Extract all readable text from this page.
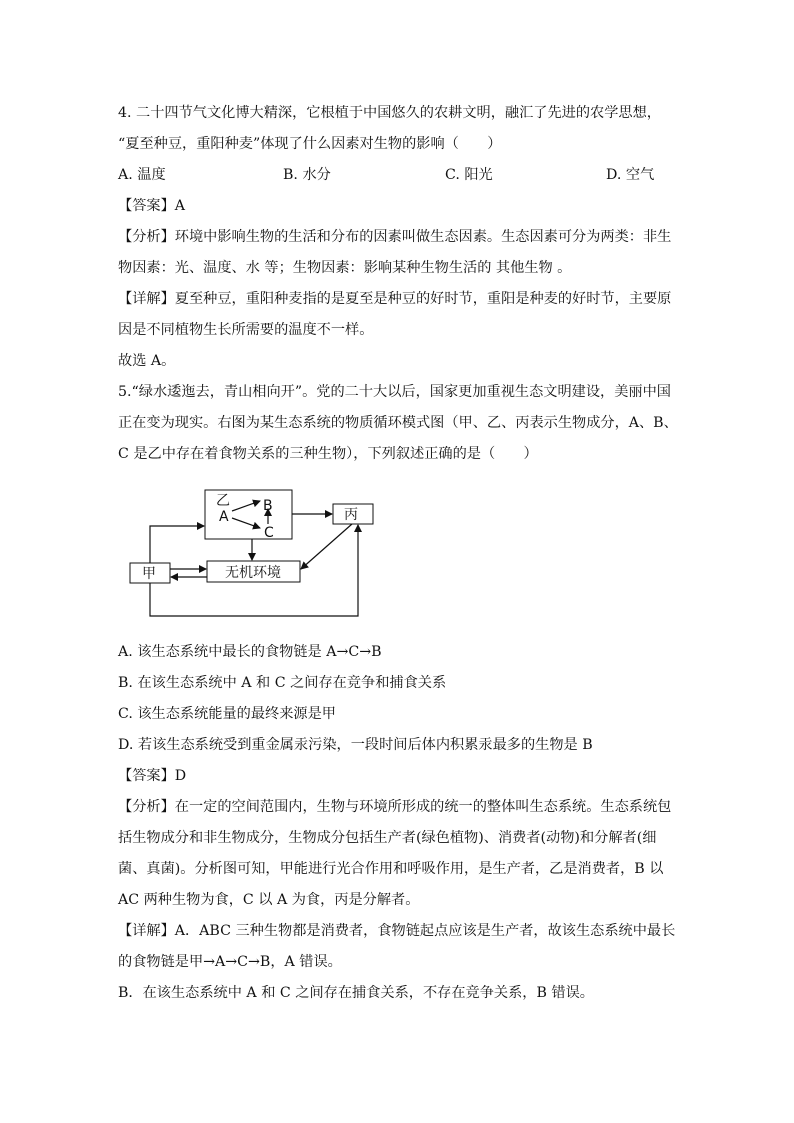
4. 二十四节气文化博大精深，它根植于中国悠久的农耕文明，融汇了先进的农学思想，
“夏至种豆，重阳种麦”体现了什么因素对生物的影响（　　）
A. 温度	B. 水分	C. 阳光	D. 空气
【答案】A
【分析】环境中影响生物的生活和分布的因素叫做生态因素。生态因素可分为两类：非生
物因素：光、温度、水 等；生物因素：影响某种生物生活的 其他生物 。
【详解】夏至种豆，重阳种麦指的是夏至是种豆的好时节，重阳是种麦的好时节，主要原
因是不同植物生长所需要的温度不一样。
故选 A。
5.“绿水逶迤去，青山相向开”。党的二十大以后，国家更加重视生态文明建设，美丽中国
正在变为现实。右图为某生态系统的物质循环模式图（甲、乙、丙表示生物成分，A、B、
C 是乙中存在着食物关系的三种生物），下列叙述正确的是（　　）
乙
A
B
C
丙
无机环境
甲
A. 该生态系统中最长的食物链是 A→C→B
B. 在该生态系统中 A 和 C 之间存在竞争和捕食关系
C. 该生态系统能量的最终来源是甲
D. 若该生态系统受到重金属汞污染，一段时间后体内积累汞最多的生物是 B
【答案】D
【分析】在一定的空间范围内，生物与环境所形成的统一的整体叫生态系统。生态系统包
括生物成分和非生物成分，生物成分包括生产者(绿色植物)、消费者(动物)和分解者(细
菌、真菌)。分析图可知，甲能进行光合作用和呼吸作用，是生产者，乙是消费者，B 以
AC 两种生物为食，C 以 A 为食，丙是分解者。
【详解】A．ABC 三种生物都是消费者，食物链起点应该是生产者，故该生态系统中最长
的食物链是甲→A→C→B，A 错误。
B．在该生态系统中 A 和 C 之间存在捕食关系，不存在竞争关系，B 错误。
